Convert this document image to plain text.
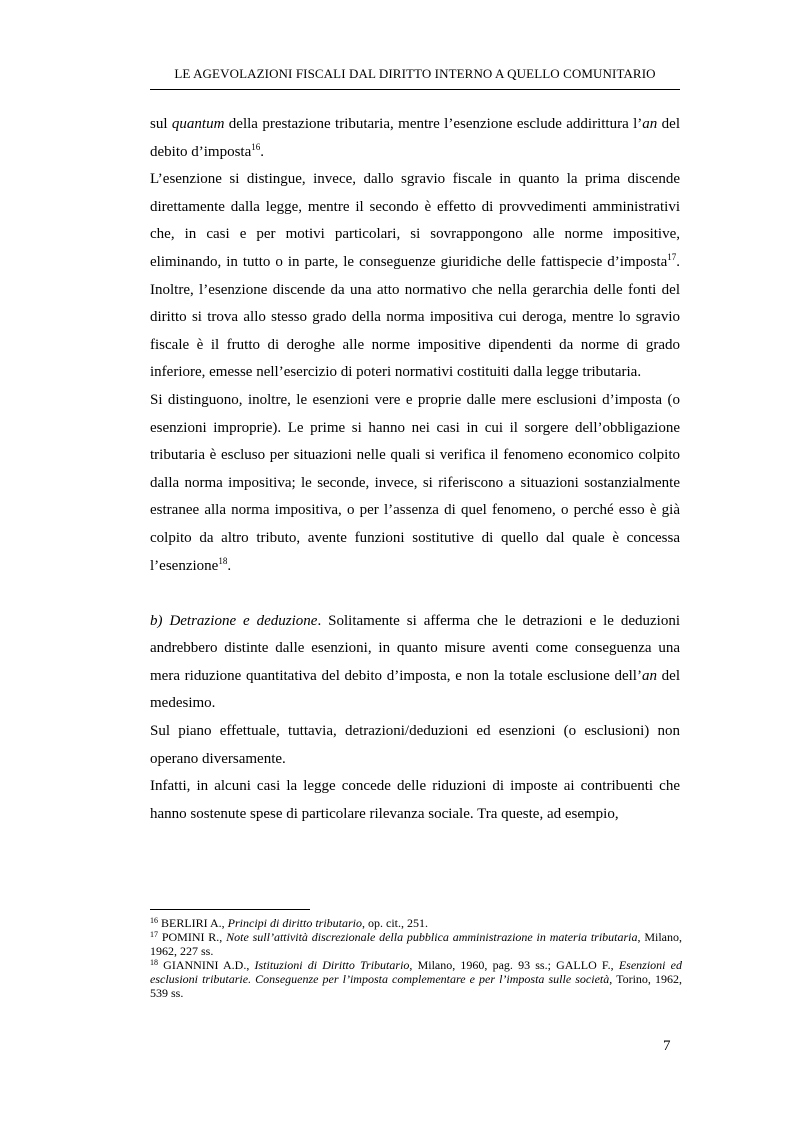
LE AGEVOLAZIONI FISCALI DAL DIRITTO INTERNO A QUELLO COMUNITARIO

sul quantum della prestazione tributaria, mentre l’esenzione esclude addirittura l’an del debito d’imposta$^{16}$.

L’esenzione si distingue, invece, dallo sgravio fiscale in quanto la prima discende direttamente dalla legge, mentre il secondo è effetto di provvedimenti amministrativi che, in casi e per motivi particolari, si sovrappongono alle norme impositive, eliminando, in tutto o in parte, le conseguenze giuridiche delle fattispecie d’imposta$^{17}$. Inoltre, l’esenzione discende da una atto normativo che nella gerarchia delle fonti del diritto si trova allo stesso grado della norma impositiva cui deroga, mentre lo sgravio fiscale è il frutto di deroghe alle norme impositive dipendenti da norme di grado inferiore, emesse nell’esercizio di poteri normativi costituiti dalla legge tributaria.

Si distinguono, inoltre, le esenzioni vere e proprie dalle mere esclusioni d’imposta (o esenzioni improprie). Le prime si hanno nei casi in cui il sorgere dell’obbligazione tributaria è escluso per situazioni nelle quali si verifica il fenomeno economico colpito dalla norma impositiva; le seconde, invece, si riferiscono a situazioni sostanzialmente estranee alla norma impositiva, o per l’assenza di quel fenomeno, o perché esso è già colpito da altro tributo, avente funzioni sostitutive di quello dal quale è concessa l’esenzione$^{18}$.

b) Detrazione e deduzione. Solitamente si afferma che le detrazioni e le deduzioni andrebbero distinte dalle esenzioni, in quanto misure aventi come conseguenza una mera riduzione quantitativa del debito d’imposta, e non la totale esclusione dell’an del medesimo.

Sul piano effettuale, tuttavia, detrazioni/deduzioni ed esenzioni (o esclusioni) non operano diversamente.

Infatti, in alcuni casi la legge concede delle riduzioni di imposte ai contribuenti che hanno sostenute spese di particolare rilevanza sociale. Tra queste, ad esempio,

$^{16}$ BERLIRI A., Principi di diritto tributario, op. cit., 251.

$^{17}$ POMINI R., Note sull’attività discrezionale della pubblica amministrazione in materia tributaria, Milano, 1962, 227 ss.

$^{18}$ GIANNINI A.D., Istituzioni di Diritto Tributario, Milano, 1960, pag. 93 ss.; GALLO F., Esenzioni ed esclusioni tributarie. Conseguenze per l’imposta complementare e per l’imposta sulle società, Torino, 1962, 539 ss.

7
